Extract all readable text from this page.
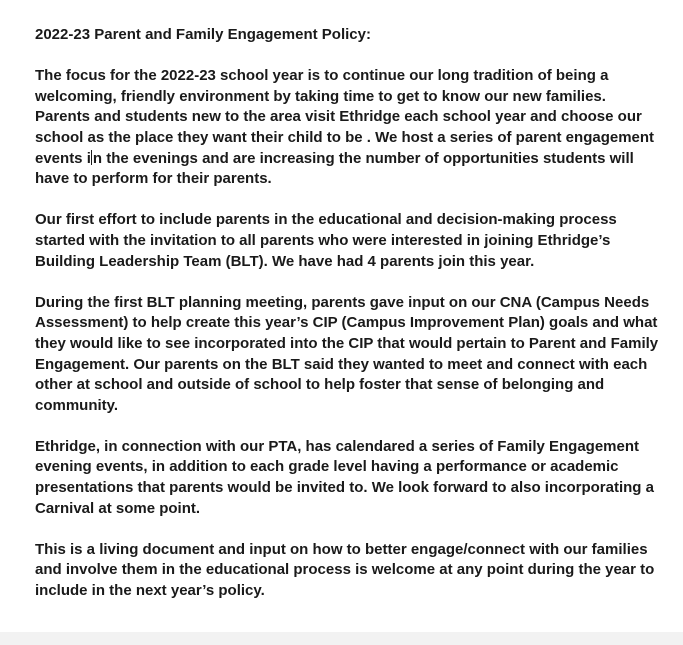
2022-23 Parent and Family Engagement Policy:
The focus for the 2022-23 school year is to continue our long tradition of being a welcoming, friendly environment by taking time to get to know our new families. Parents and students new to the area visit Ethridge each school year and choose our school as the place they want their child to be . We host a series of parent engagement events i n the evenings and are increasing the number of opportunities students will have to perform for their parents.
Our first effort to include parents in the educational and decision-making process started with the invitation to all parents who were interested in joining Ethridge’s Building Leadership Team (BLT). We have had 4 parents join this year.
During the first BLT planning meeting, parents gave input on our CNA (Campus Needs Assessment) to help create this year’s CIP (Campus Improvement Plan) goals and what they would like to see incorporated into the CIP that would pertain to Parent and Family Engagement. Our parents on the BLT said they wanted to meet and connect with each other at school and outside of school to help foster that sense of belonging and community.
Ethridge, in connection with our PTA, has calendared a series of Family Engagement evening events, in addition to each grade level having a performance or academic presentations that parents would be invited to. We look forward to also incorporating a Carnival at some point.
This is a living document and input on how to better engage/connect with our families and involve them in the educational process is welcome at any point during the year to include in the next year’s policy.
